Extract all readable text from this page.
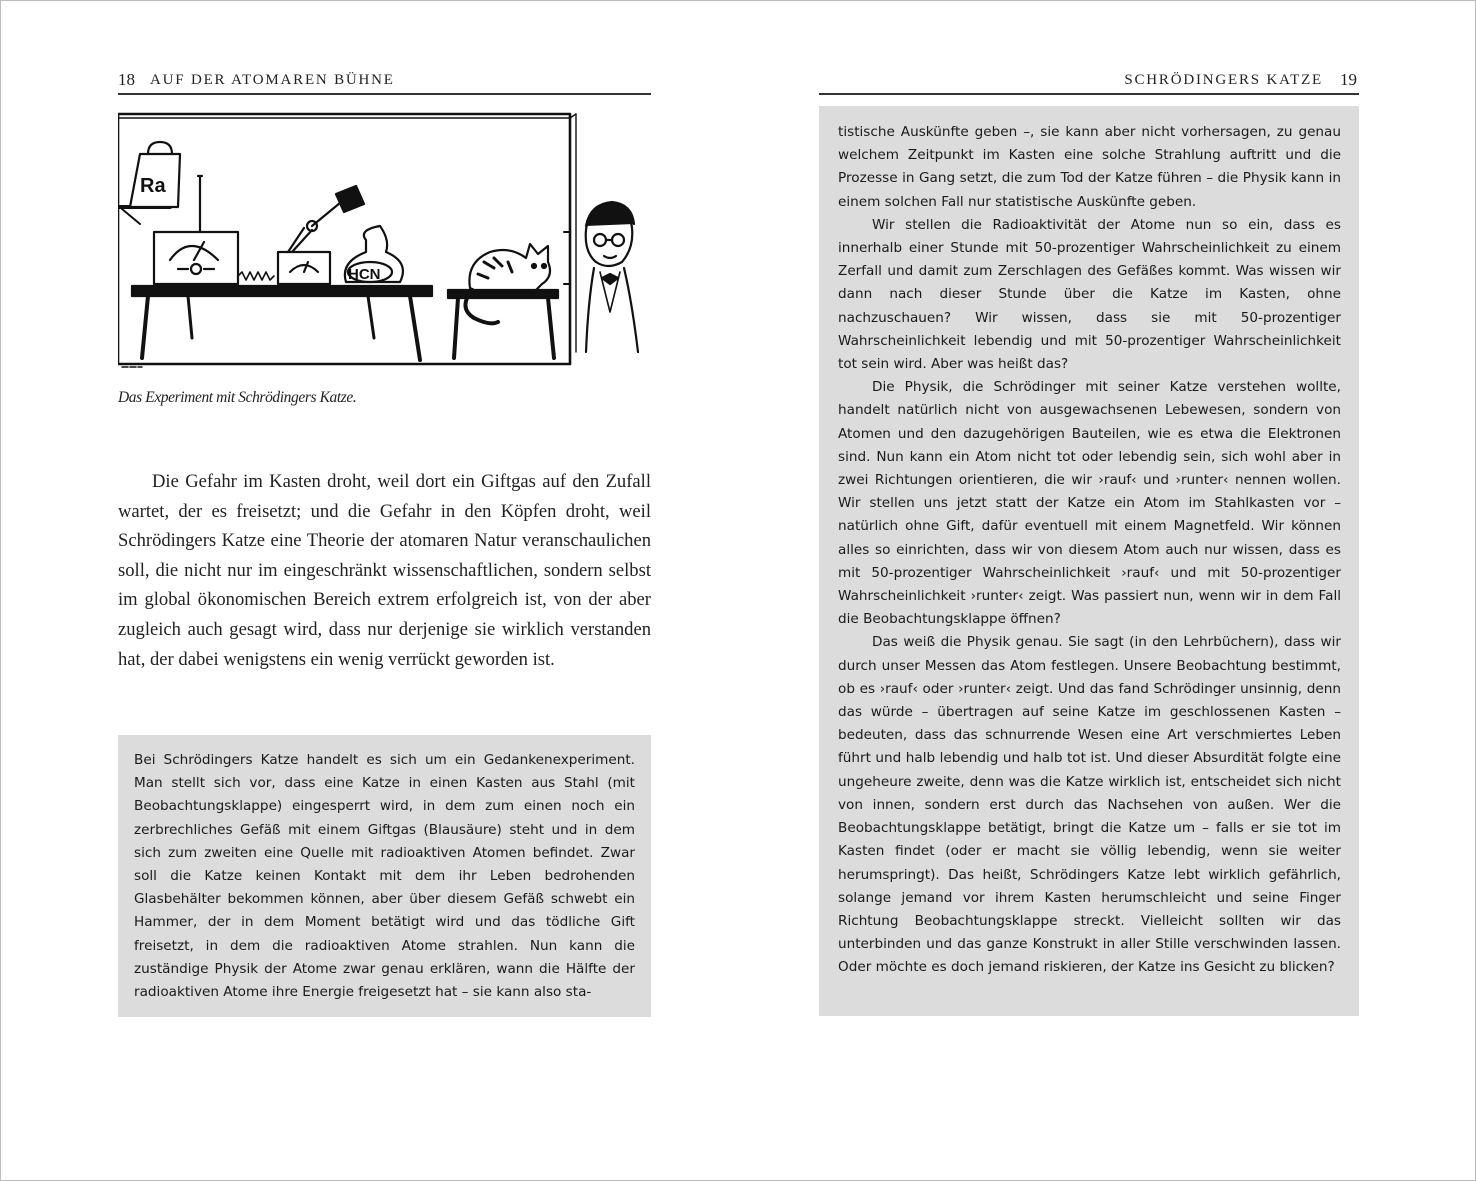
18 AUF DER ATOMAREN BÜHNE
Ra
HCN
Das Experiment mit Schrödingers Katze.

Die Gefahr im Kasten droht, weil dort ein Giftgas auf den Zufall wartet, der es freisetzt; und die Gefahr in den Köpfen droht, weil Schrödingers Katze eine Theorie der atomaren Natur veranschaulichen soll, die nicht nur im eingeschränkt wissenschaftlichen, sondern selbst im global ökonomischen Bereich extrem erfolgreich ist, von der aber zugleich auch gesagt wird, dass nur derjenige sie wirklich verstanden hat, der dabei wenigstens ein wenig verrückt geworden ist.

Bei Schrödingers Katze handelt es sich um ein Gedankenexperiment. Man stellt sich vor, dass eine Katze in einen Kasten aus Stahl (mit Beobachtungsklappe) eingesperrt wird, in dem zum einen noch ein zerbrechliches Gefäß mit einem Giftgas (Blausäure) steht und in dem sich zum zweiten eine Quelle mit radioaktiven Atomen befindet. Zwar soll die Katze keinen Kontakt mit dem ihr Leben bedrohenden Glasbehälter bekommen können, aber über diesem Gefäß schwebt ein Hammer, der in dem Moment betätigt wird und das tödliche Gift freisetzt, in dem die radioaktiven Atome strahlen. Nun kann die zuständige Physik der Atome zwar genau erklären, wann die Hälfte der radioaktiven Atome ihre Energie freigesetzt hat – sie kann also sta-

SCHRÖDINGERS KATZE 19

tistische Auskünfte geben –, sie kann aber nicht vorhersagen, zu genau welchem Zeitpunkt im Kasten eine solche Strahlung auftritt und die Prozesse in Gang setzt, die zum Tod der Katze führen – die Physik kann in einem solchen Fall nur statistische Auskünfte geben.

Wir stellen die Radioaktivität der Atome nun so ein, dass es innerhalb einer Stunde mit 50-prozentiger Wahrscheinlichkeit zu einem Zerfall und damit zum Zerschlagen des Gefäßes kommt. Was wissen wir dann nach dieser Stunde über die Katze im Kasten, ohne nachzuschauen? Wir wissen, dass sie mit 50-prozentiger Wahrscheinlichkeit lebendig und mit 50-prozentiger Wahrscheinlichkeit tot sein wird. Aber was heißt das?

Die Physik, die Schrödinger mit seiner Katze verstehen wollte, handelt natürlich nicht von ausgewachsenen Lebewesen, sondern von Atomen und den dazugehörigen Bauteilen, wie es etwa die Elektronen sind. Nun kann ein Atom nicht tot oder lebendig sein, sich wohl aber in zwei Richtungen orientieren, die wir ›rauf‹ und ›runter‹ nennen wollen. Wir stellen uns jetzt statt der Katze ein Atom im Stahlkasten vor – natürlich ohne Gift, dafür eventuell mit einem Magnetfeld. Wir können alles so einrichten, dass wir von diesem Atom auch nur wissen, dass es mit 50-prozentiger Wahrscheinlichkeit ›rauf‹ und mit 50-prozentiger Wahrscheinlichkeit ›runter‹ zeigt. Was passiert nun, wenn wir in dem Fall die Beobachtungsklappe öffnen?

Das weiß die Physik genau. Sie sagt (in den Lehrbüchern), dass wir durch unser Messen das Atom festlegen. Unsere Beobachtung bestimmt, ob es ›rauf‹ oder ›runter‹ zeigt. Und das fand Schrödinger unsinnig, denn das würde – übertragen auf seine Katze im geschlossenen Kasten – bedeuten, dass das schnurrende Wesen eine Art verschmiertes Leben führt und halb lebendig und halb tot ist. Und dieser Absurdität folgte eine ungeheure zweite, denn was die Katze wirklich ist, entscheidet sich nicht von innen, sondern erst durch das Nachsehen von außen. Wer die Beobachtungsklappe betätigt, bringt die Katze um – falls er sie tot im Kasten findet (oder er macht sie völlig lebendig, wenn sie weiter herumspringt). Das heißt, Schrödingers Katze lebt wirklich gefährlich, solange jemand vor ihrem Kasten herumschleicht und seine Finger Richtung Beobachtungsklappe streckt. Vielleicht sollten wir das unterbinden und das ganze Konstrukt in aller Stille verschwinden lassen. Oder möchte es doch jemand riskieren, der Katze ins Gesicht zu blicken?
